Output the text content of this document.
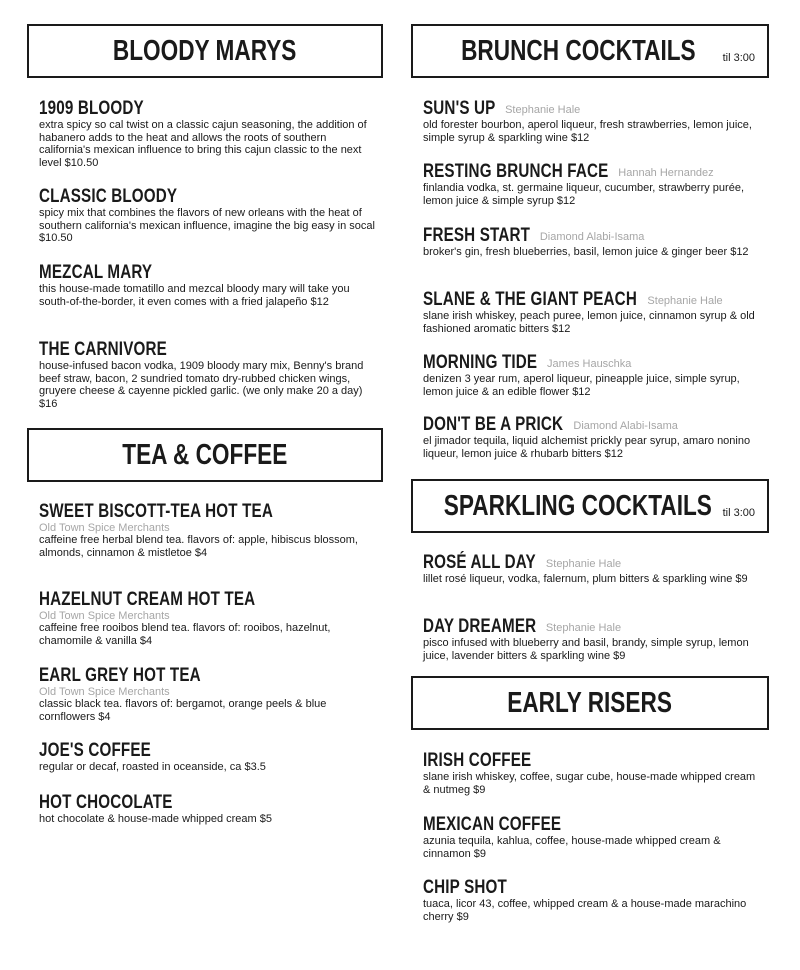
BLOODY MARYS
1909 BLOODY
extra spicy so cal twist on a classic cajun seasoning, the addition of habanero adds to the heat and allows the roots of southern california's mexican influence to bring this cajun classic to the next level $10.50
CLASSIC BLOODY
spicy mix that combines the flavors of new orleans with the heat of southern california's mexican influence, imagine the big easy in socal $10.50
MEZCAL MARY
this house-made tomatillo and mezcal bloody mary will take you south-of-the-border, it even comes with a fried jalapeño $12
THE CARNIVORE
house-infused bacon vodka, 1909 bloody mary mix, Benny's brand beef straw, bacon, 2 sundried tomato dry-rubbed chicken wings, gruyere cheese & cayenne pickled garlic. (we only make 20 a day) $16
TEA & COFFEE
SWEET BISCOTT-TEA HOT TEA
Old Town Spice Merchants
caffeine free herbal blend tea. flavors of: apple, hibiscus blossom, almonds, cinnamon & mistletoe $4
HAZELNUT CREAM HOT TEA
Old Town Spice Merchants
caffeine free rooibos blend tea. flavors of: rooibos, hazelnut, chamomile & vanilla $4
EARL GREY HOT TEA
Old Town Spice Merchants
classic black tea. flavors of: bergamot, orange peels & blue cornflowers $4
JOE'S COFFEE
regular or decaf, roasted in oceanside, ca $3.5
HOT CHOCOLATE
hot chocolate & house-made whipped cream $5
BRUNCH COCKTAILS til 3:00
SUN'S UP Stephanie Hale
old forester bourbon, aperol liqueur, fresh strawberries, lemon juice, simple syrup & sparkling wine $12
RESTING BRUNCH FACE Hannah Hernandez
finlandia vodka, st. germaine liqueur, cucumber, strawberry purée, lemon juice & simple syrup $12
FRESH START Diamond Alabi-Isama
broker's gin, fresh blueberries, basil, lemon juice & ginger beer $12
SLANE & THE GIANT PEACH Stephanie Hale
slane irish whiskey, peach puree, lemon juice, cinnamon syrup & old fashioned aromatic bitters $12
MORNING TIDE James Hauschka
denizen 3 year rum, aperol liqueur, pineapple juice, simple syrup, lemon juice & an edible flower $12
DON'T BE A PRICK Diamond Alabi-Isama
el jimador tequila, liquid alchemist prickly pear syrup, amaro nonino liqueur, lemon juice & rhubarb bitters $12
SPARKLING COCKTAILS til 3:00
ROSÉ ALL DAY Stephanie Hale
lillet rosé liqueur, vodka, falernum, plum bitters & sparkling wine $9
DAY DREAMER Stephanie Hale
pisco infused with blueberry and basil, brandy, simple syrup, lemon juice, lavender bitters & sparkling wine $9
EARLY RISERS
IRISH COFFEE
slane irish whiskey, coffee, sugar cube, house-made whipped cream & nutmeg $9
MEXICAN COFFEE
azunia tequila, kahlua, coffee, house-made whipped cream & cinnamon $9
CHIP SHOT
tuaca, licor 43, coffee, whipped cream & a house-made marachino cherry $9
